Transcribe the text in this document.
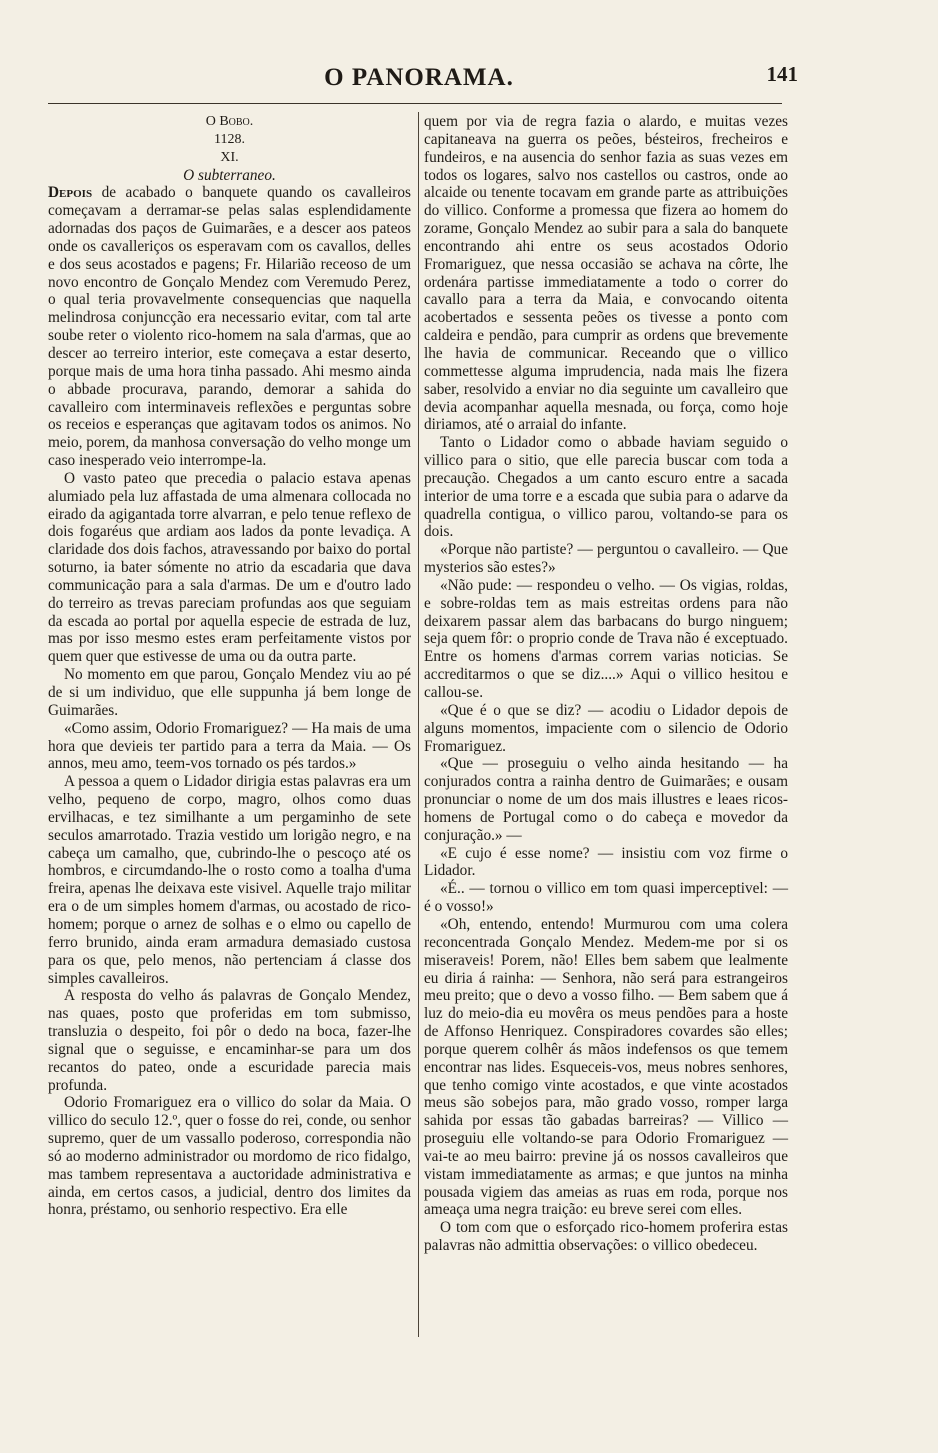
O PANORAMA.	141
O Bobo.
1128.
XI.
O subterraneo.

Depois de acabado o banquete quando os cavalleiros começavam a derramar-se pelas salas esplendidamente adornadas dos paços de Guimarães, e a descer aos pateos onde os cavalleriços os esperavam com os cavallos, delles e dos seus acostados e pagens; Fr. Hilarião receoso de um novo encontro de Gonçalo Mendez com Veremudo Perez, o qual teria provavelmente consequencias que naquella melindrosa conjuncção era necessario evitar, com tal arte soube reter o violento rico-homem na sala d'armas, que ao descer ao terreiro interior, este começava a estar deserto, porque mais de uma hora tinha passado. Ahi mesmo ainda o abbade procurava, parando, demorar a sahida do cavalleiro com interminaveis reflexões e perguntas sobre os receios e esperanças que agitavam todos os animos. No meio, porem, da manhosa conversação do velho monge um caso inesperado veio interrompe-la.

O vasto pateo que precedia o palacio estava apenas alumiado pela luz affastada de uma almenara collocada no eirado da agigantada torre alvarran, e pelo tenue reflexo de dois fogaréus que ardiam aos lados da ponte levadiça. A claridade dos dois fachos, atravessando por baixo do portal soturno, ia bater sómente no atrio da escadaria que dava communicação para a sala d'armas. De um e d'outro lado do terreiro as trevas pareciam profundas aos que seguiam da escada ao portal por aquella especie de estrada de luz, mas por isso mesmo estes eram perfeitamente vistos por quem quer que estivesse de uma ou da outra parte.

No momento em que parou, Gonçalo Mendez viu ao pé de si um individuo, que elle suppunha já bem longe de Guimarães.

«Como assim, Odorio Fromariguez? — Ha mais de uma hora que devieis ter partido para a terra da Maia. — Os annos, meu amo, teem-vos tornado os pés tardos.»

A pessoa a quem o Lidador dirigia estas palavras era um velho, pequeno de corpo, magro, olhos como duas ervilhacas, e tez similhante a um pergaminho de sete seculos amarrotado. Trazia vestido um lorigão negro, e na cabeça um camalho, que, cubrindo-lhe o pescoço até os hombros, e circumdando-lhe o rosto como a toalha d'uma freira, apenas lhe deixava este visivel. Aquelle trajo militar era o de um simples homem d'armas, ou acostado de rico-homem; porque o arnez de solhas e o elmo ou capello de ferro brunido, ainda eram armadura demasiado custosa para os que, pelo menos, não pertenciam á classe dos simples cavalleiros.

A resposta do velho ás palavras de Gonçalo Mendez, nas quaes, posto que proferidas em tom submisso, transluzia o despeito, foi pôr o dedo na boca, fazer-lhe signal que o seguisse, e encaminhar-se para um dos recantos do pateo, onde a escuridade parecia mais profunda.

Odorio Fromariguez era o villico do solar da Maia. O villico do seculo 12.º, quer o fosse do rei, conde, ou senhor supremo, quer de um vassallo poderoso, correspondia não só ao moderno administrador ou mordomo de rico fidalgo, mas tambem representava a auctoridade administrativa e ainda, em certos casos, a judicial, dentro dos limites da honra, préstamo, ou senhorio respectivo. Era elle

quem por via de regra fazia o alardo, e muitas vezes capitaneava na guerra os peões, bésteiros, frecheiros e fundeiros, e na ausencia do senhor fazia as suas vezes em todos os logares, salvo nos castellos ou castros, onde ao alcaide ou tenente tocavam em grande parte as attribuições do villico. Conforme a promessa que fizera ao homem do zorame, Gonçalo Mendez ao subir para a sala do banquete encontrando ahi entre os seus acostados Odorio Fromariguez, que nessa occasião se achava na côrte, lhe ordenára partisse immediatamente a todo o correr do cavallo para a terra da Maia, e convocando oitenta acobertados e sessenta peões os tivesse a ponto com caldeira e pendão, para cumprir as ordens que brevemente lhe havia de communicar. Receando que o villico commettesse alguma imprudencia, nada mais lhe fizera saber, resolvido a enviar no dia seguinte um cavalleiro que devia acompanhar aquella mesnada, ou força, como hoje diriamos, até o arraial do infante.

Tanto o Lidador como o abbade haviam seguido o villico para o sitio, que elle parecia buscar com toda a precaução. Chegados a um canto escuro entre a sacada interior de uma torre e a escada que subia para o adarve da quadrella contigua, o villico parou, voltando-se para os dois.

«Porque não partiste? — perguntou o cavalleiro. — Que mysterios são estes?»

«Não pude: — respondeu o velho. — Os vigias, roldas, e sobre-roldas tem as mais estreitas ordens para não deixarem passar alem das barbacans do burgo ninguem; seja quem fôr: o proprio conde de Trava não é exceptuado. Entre os homens d'armas correm varias noticias. Se accreditarmos o que se diz....» Aqui o villico hesitou e callou-se.

«Que é o que se diz? — acodiu o Lidador depois de alguns momentos, impaciente com o silencio de Odorio Fromariguez.

«Que — proseguiu o velho ainda hesitando — ha conjurados contra a rainha dentro de Guimarães; e ousam pronunciar o nome de um dos mais illustres e leaes ricos-homens de Portugal como o do cabeça e movedor da conjuração.» —

«E cujo é esse nome? — insistiu com voz firme o Lidador.

«É.. — tornou o villico em tom quasi imperceptivel: — é o vosso!»

«Oh, entendo, entendo! Murmurou com uma colera reconcentrada Gonçalo Mendez. Medem-me por si os miseraveis! Porem, não! Elles bem sabem que lealmente eu diria á rainha: — Senhora, não será para estrangeiros meu preito; que o devo a vosso filho. — Bem sabem que á luz do meio-dia eu movêra os meus pendões para a hoste de Affonso Henriquez. Conspiradores covardes são elles; porque querem colhêr ás mãos indefensos os que temem encontrar nas lides. Esqueceis-vos, meus nobres senhores, que tenho comigo vinte acostados, e que vinte acostados meus são sobejos para, mão grado vosso, romper larga sahida por essas tão gabadas barreiras? — Villico — proseguiu elle voltando-se para Odorio Fromariguez — vai-te ao meu bairro: previne já os nossos cavalleiros que vistam immediatamente as armas; e que juntos na minha pousada vigiem das ameias as ruas em roda, porque nos ameaça uma negra traição: eu breve serei com elles.

O tom com que o esforçado rico-homem proferira estas palavras não admittia observações: o villico obedeceu.
